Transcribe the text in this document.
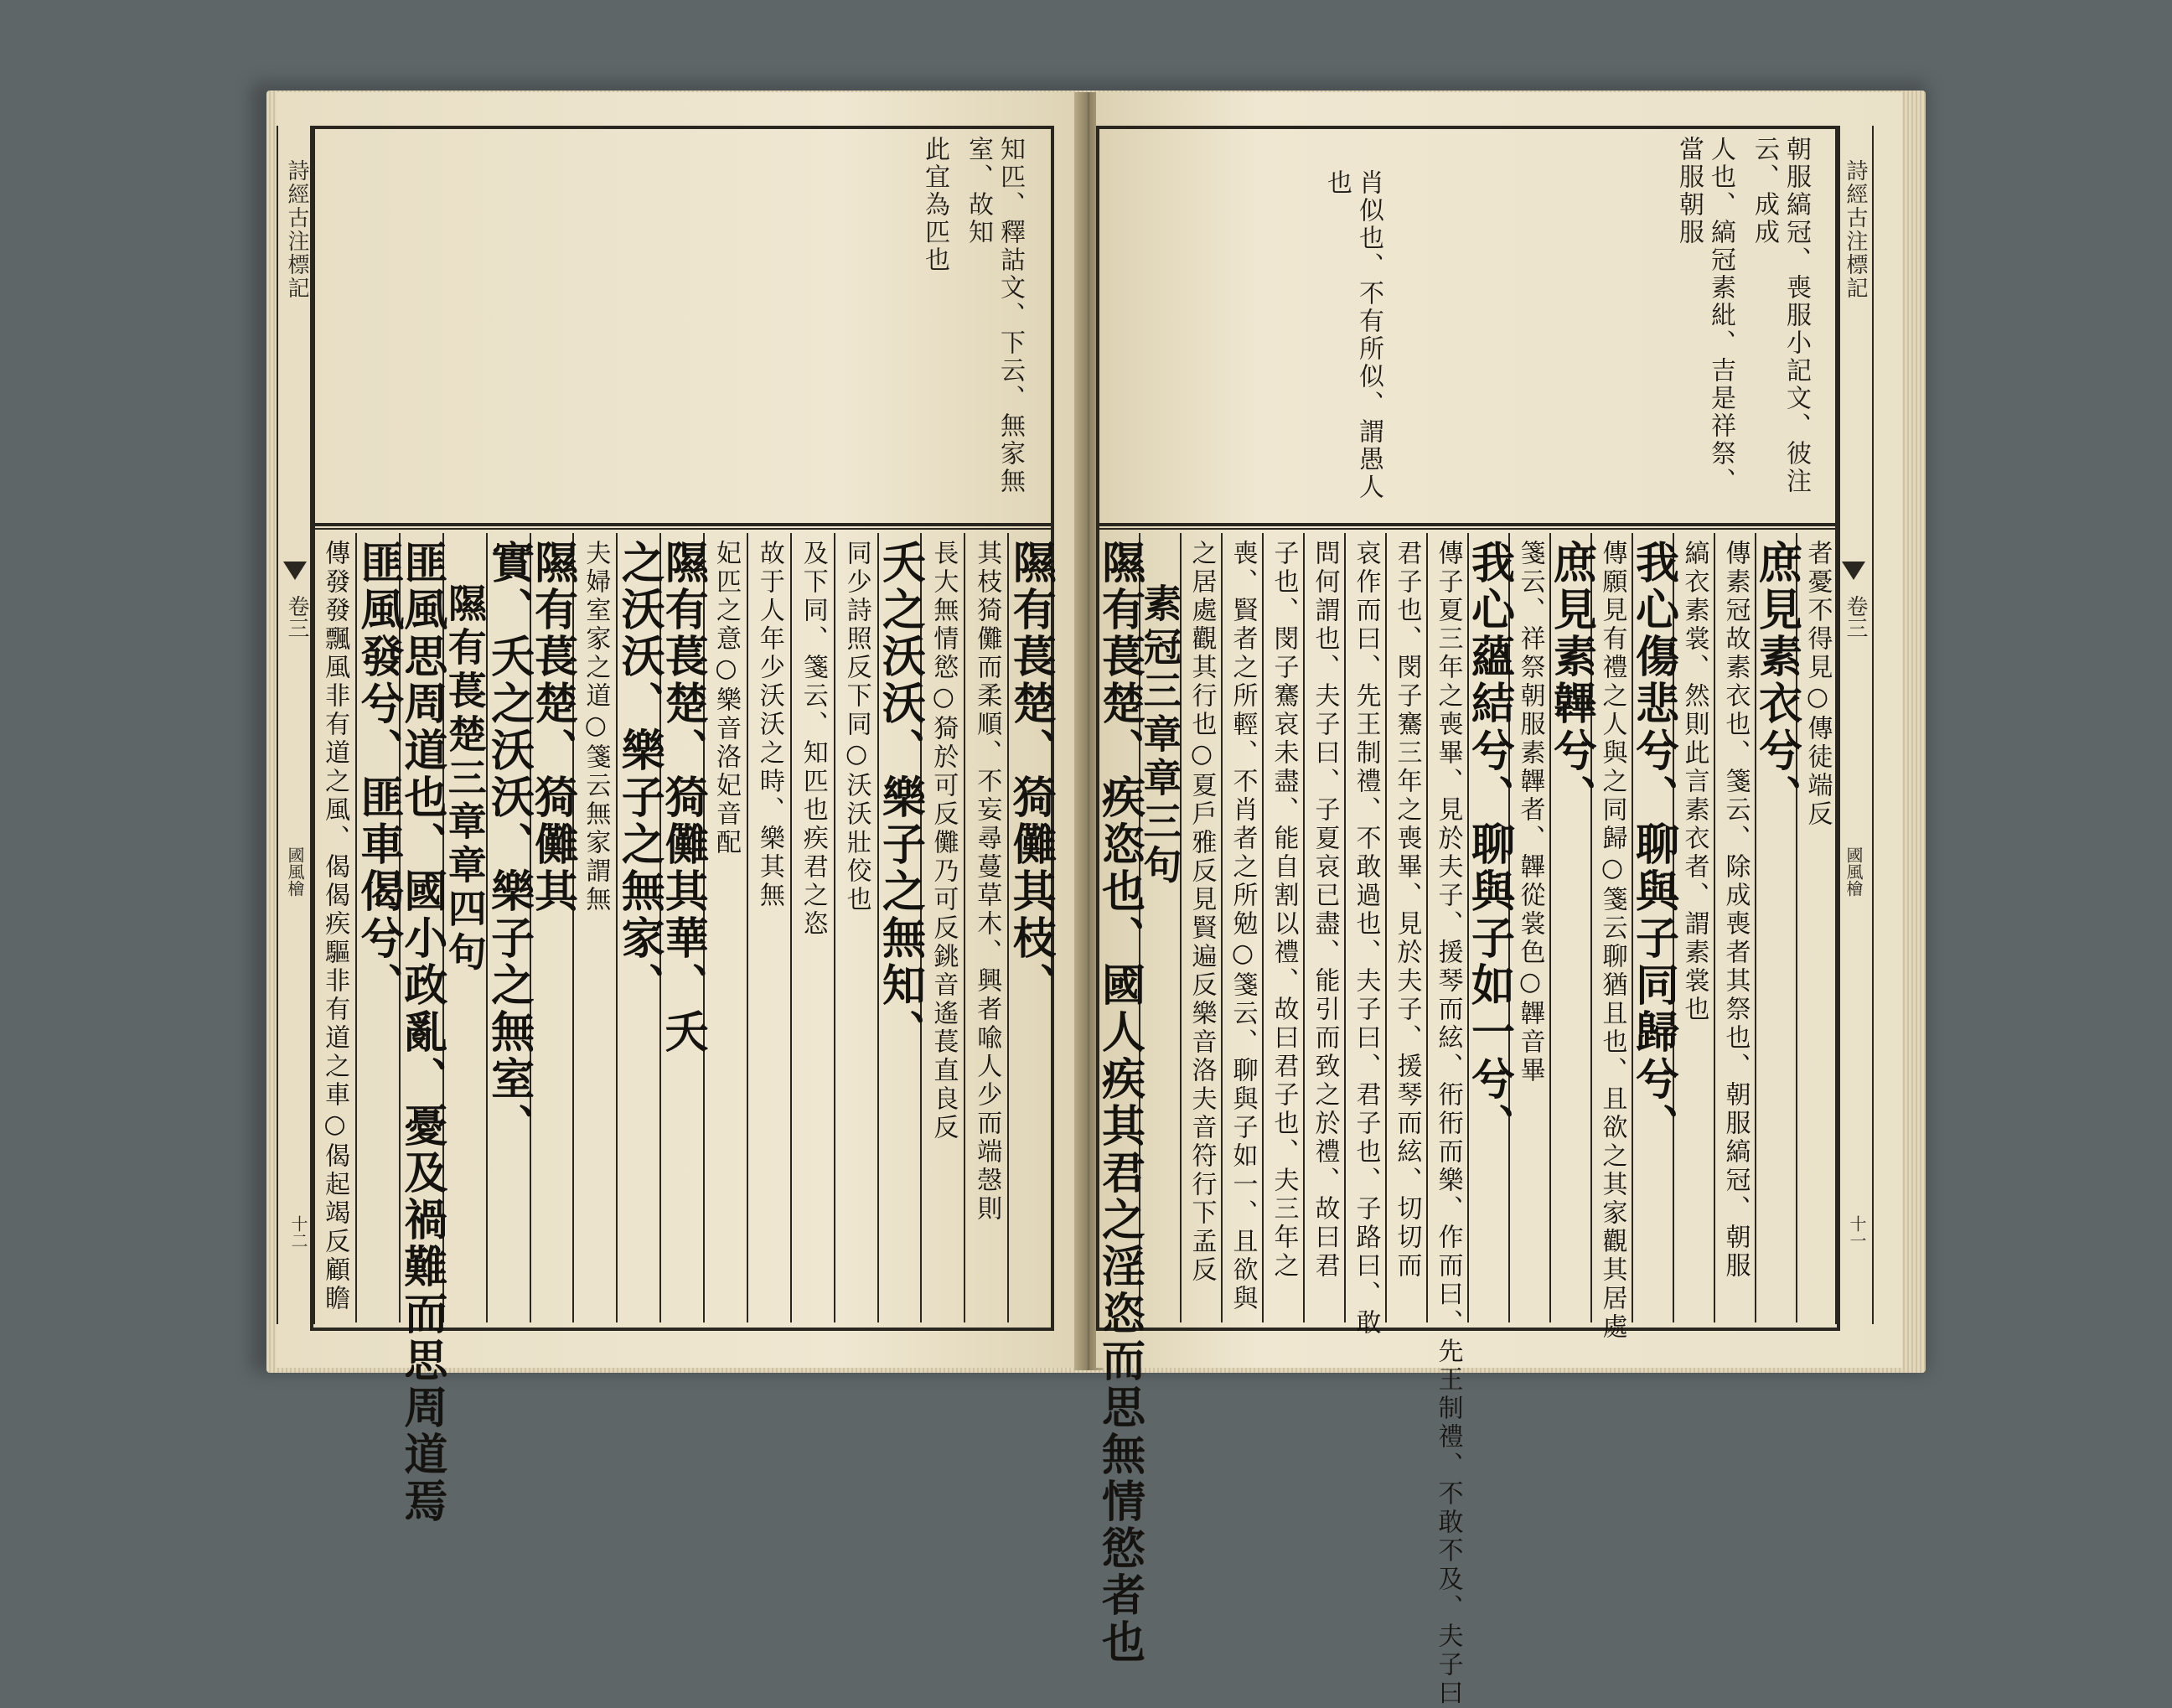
詩經古注標記
卷三
國風檜
十二
知匹、釋詁文、下云、無家無室、故知
此宜為匹也
隰有萇楚、猗儺其枝、
其枝猗儺而柔順、不妄尋蔓草木、興者喩人少而端愨則
長大無情慾○猗於可反儺乃可反銚音遙萇直良反
夭之沃沃、樂子之無知、
同少詩照反下同○沃沃壯佼也
及下同、箋云、知匹也疾君之恣
故于人年少沃沃之時、樂其無
妃匹之意○樂音洛妃音配
隰有萇楚、猗儺其華、夭
之沃沃、樂子之無家、
夫婦室家之道○箋云無家謂無
隰有萇楚、猗儺其
實、夭之沃沃、樂子之無室、
隰有萇楚三章章四句
匪風思周道也、國小政亂、憂及禍難而思周道焉
匪風發兮、匪車偈兮、
傳發發飄風非有道之風、偈偈疾驅非有道之車○偈起竭反顧瞻
朝服縞冠、喪服小記文、彼注云、成成
人也、縞冠素紕、吉是祥祭、當服朝服
肖似也、不有所似、謂愚人也
者憂不得見○傳徒端反
庶見素衣兮、
傳素冠故素衣也、箋云、除成喪者其祭也、朝服縞冠、朝服
縞衣素裳、然則此言素衣者、謂素裳也
我心傷悲兮、聊與子同歸兮、
傳願見有禮之人與之同歸○箋云聊猶且也、且欲之其家觀其居處
庶見素韠兮、
箋云、祥祭朝服素韠者、韠從裳色○韠音畢
我心蘊結兮、聊與子如一兮、
傳子夏三年之喪畢、見於夫子、援琴而絃、衎衎而樂、作而曰、先王制禮、不敢不及、夫子曰
君子也、閔子騫三年之喪畢、見於夫子、援琴而絃、切切而
哀作而曰、先王制禮、不敢過也、夫子曰、君子也、子路曰、敢
問何謂也、夫子曰、子夏哀已盡、能引而致之於禮、故曰君
子也、閔子騫哀未盡、能自割以禮、故曰君子也、夫三年之
喪、賢者之所輕、不肖者之所勉○箋云、聊與子如一、且欲與
之居處觀其行也○夏戶雅反見賢遍反樂音洛夫音符行下孟反
素冠三章章三句
隰有萇楚、疾恣也、國人疾其君之淫恣而思無情慾者也
詩經古注標記
卷三
國風檜
十一
